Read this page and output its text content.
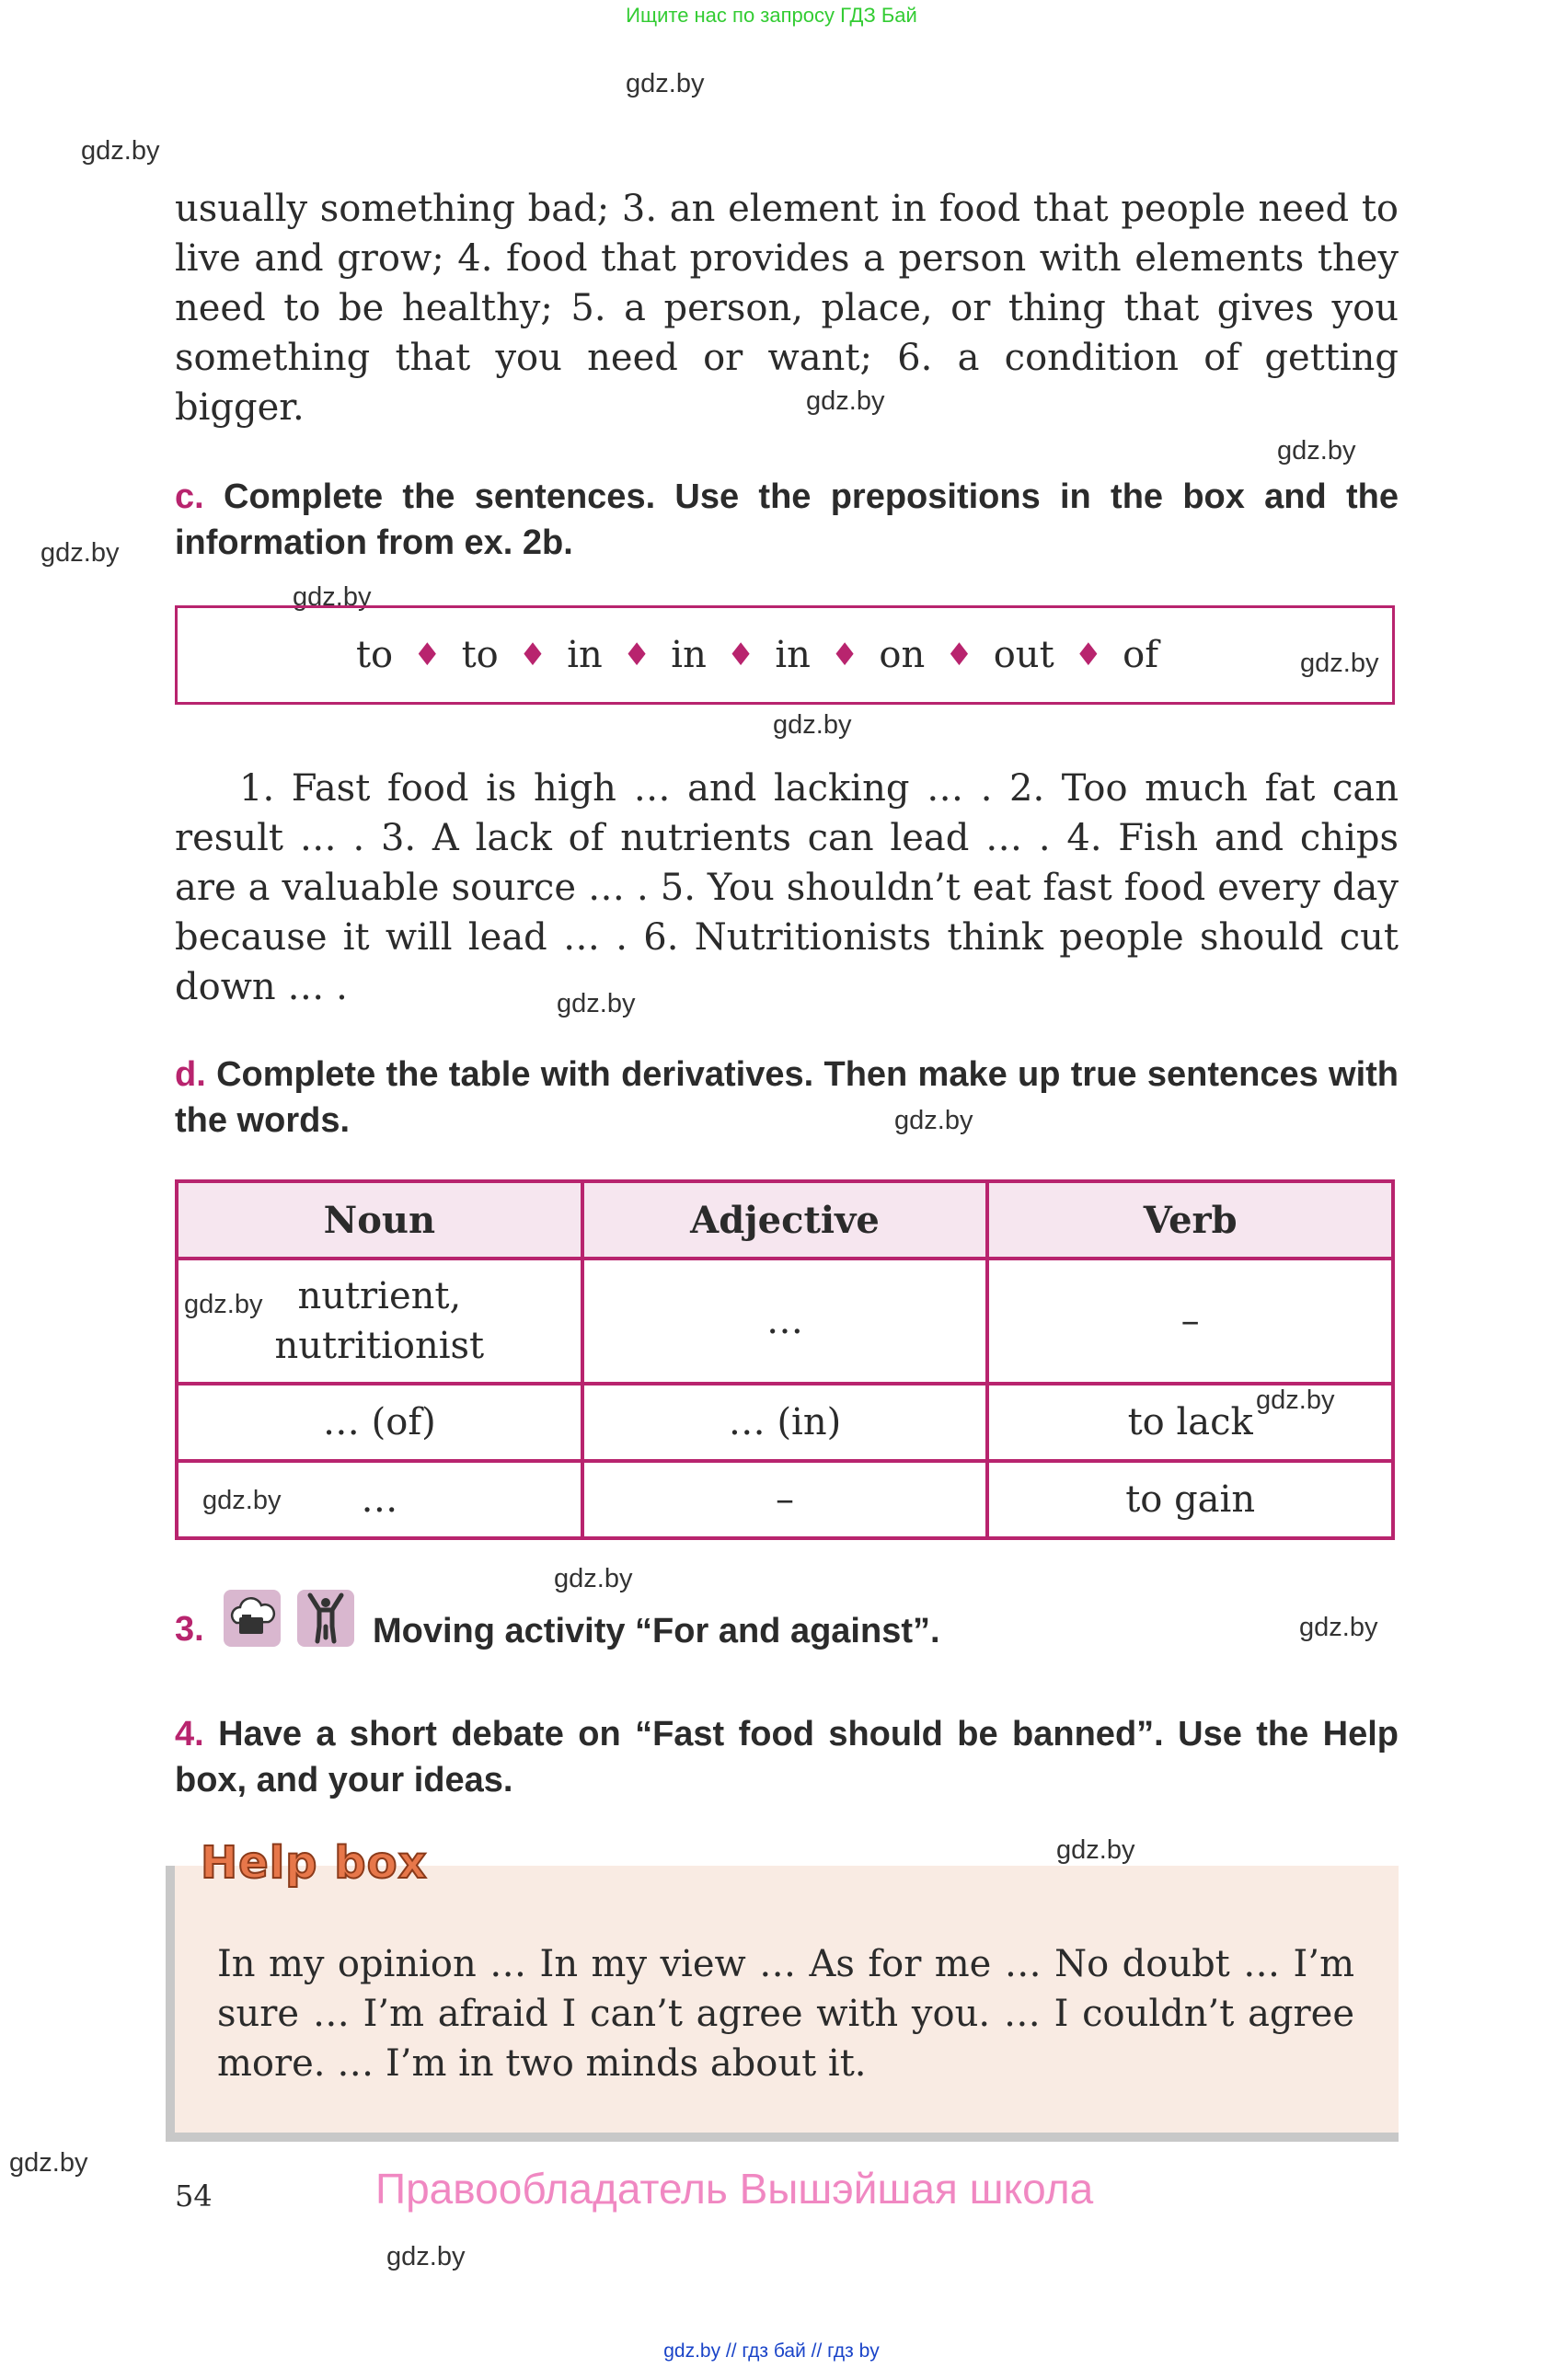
Ищите нас по запросу ГДЗ Бай
gdz.by
gdz.by
gdz.by
gdz.by
gdz.by
gdz.by
gdz.by
gdz.by
gdz.by
gdz.by
gdz.by
gdz.by
gdz.by
gdz.by
gdz.by
gdz.by
gdz.by
gdz.by
usually something bad; 3. an element in food that people need to live and grow; 4. food that provides a person with elements they need to be healthy; 5. a person, place, or thing that gives you something that you need or want; 6. a condition of getting bigger.
c. Complete the sentences. Use the prepositions in the box and the information from ex. 2b.
to ♦ to ♦ in ♦ in ♦ in ♦ on ♦ out ♦ of
1. Fast food is high … and lacking … . 2. Too much fat can result … . 3. A lack of nutrients can lead … . 4. Fish and chips are a valuable source … . 5. You shouldn’t eat fast food every day because it will lead … . 6. Nutritionists think people should cut down … .
d. Complete the table with derivatives. Then make up true sentences with the words.
Noun	Adjective	Verb
nutrient,
nutritionist	…	–
… (of)	… (in)	to lack
…	–	to gain
3.	Moving activity “For and against”.
4. Have a short debate on “Fast food should be banned”. Use the Help box, and your ideas.
Help box
In my opinion … In my view … As for me … No doubt … I’m sure … I’m afraid I can’t agree with you. … I couldn’t agree more. … I’m in two minds about it.
54	Правообладатель Вышэйшая школа
gdz.by // гдз бай // гдз by
